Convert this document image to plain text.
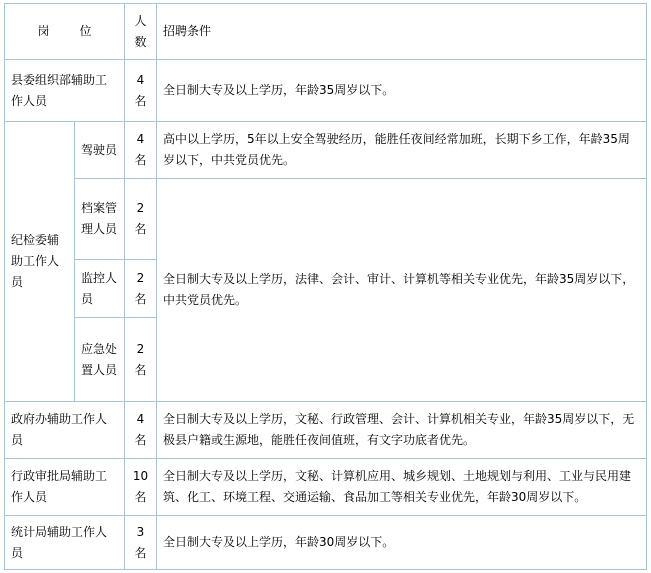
岗 位		人数	招聘条件
县委组织部辅助工作人员		4名	全日制大专及以上学历，年龄35周岁以下。
纪检委辅助工作人员	驾驶员	4名	高中以上学历，5年以上安全驾驶经历，能胜任夜间经常加班，长期下乡工作，年龄35周岁以下，中共党员优先。
	档案管理人员	2名	全日制大专及以上学历，法律、会计、审计、计算机等相关专业优先，年龄35周岁以下，中共党员优先。
	监控人员	2名	
	应急处置人员	2名	
政府办辅助工作人员		4名	全日制大专及以上学历，文秘、行政管理、会计、计算机相关专业，年龄35周岁以下，无极县户籍或生源地，能胜任夜间值班，有文字功底者优先。
行政审批局辅助工作人员		10名	全日制大专及以上学历，文秘、计算机应用、城乡规划、土地规划与利用、工业与民用建筑、化工、环境工程、交通运输、食品加工等相关专业优先，年龄30周岁以下。
统计局辅助工作人员		3名	全日制大专及以上学历，年龄30周岁以下。
